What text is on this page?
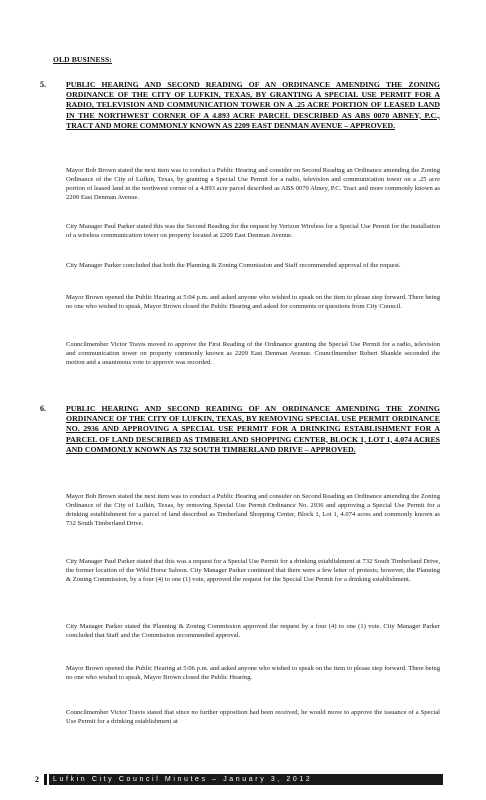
OLD BUSINESS:
5.	PUBLIC HEARING AND SECOND READING OF AN ORDINANCE AMENDING THE ZONING ORDINANCE OF THE CITY OF LUFKIN, TEXAS, BY GRANTING A SPECIAL USE PERMIT FOR A RADIO, TELEVISION AND COMMUNICATION TOWER ON A .25 ACRE PORTION OF LEASED LAND IN THE NORTHWEST CORNER OF A 4.893 ACRE PARCEL DESCRIBED AS ABS 0070 ABNEY, P.C., TRACT AND MORE COMMONLY KNOWN AS 2209 EAST DENMAN AVENUE – APPROVED.
Mayor Bob Brown stated the next item was to conduct a Public Hearing and consider on Second Reading an Ordinance amending the Zoning Ordinance of the City of Lufkin, Texas, by granting a Special Use Permit for a radio, television and communication tower on a .25 acre portion of leased land in the northwest corner of a 4.893 acre parcel described as ABS 0070 Abney, P.C. Tract and more commonly known as 2209 East Denman Avenue.
City Manager Paul Parker stated this was the Second Reading for the request by Verizon Wireless for a Special Use Permit for the installation of a wireless communication tower on property located at 2209 East Denman Avenue.
City Manager Parker concluded that both the Planning & Zoning Commission and Staff recommended approval of the request.
Mayor Brown opened the Public Hearing at 5:04 p.m. and asked anyone who wished to speak on the item to please step forward. There being no one who wished to speak, Mayor Brown closed the Public Hearing and asked for comments or questions from City Council.
Councilmember Victor Travis moved to approve the First Reading of the Ordinance granting the Special Use Permit for a radio, television and communication tower on property commonly known as 2209 East Denman Avenue. Councilmember Robert Shankle seconded the motion and a unanimous vote to approve was recorded.
6.	PUBLIC HEARING AND SECOND READING OF AN ORDINANCE AMENDING THE ZONING ORDINANCE OF THE CITY OF LUFKIN, TEXAS, BY REMOVING SPECIAL USE PERMIT ORDINANCE NO. 2936 AND APPROVING A SPECIAL USE PERMIT FOR A DRINKING ESTABLISHMENT FOR A PARCEL OF LAND DESCRIBED AS TIMBERLAND SHOPPING CENTER, BLOCK 1, LOT 1, 4.074 ACRES AND COMMONLY KNOWN AS 732 SOUTH TIMBERLAND DRIVE – APPROVED.
Mayor Bob Brown stated the next item was to conduct a Public Hearing and consider on Second Reading an Ordinance amending the Zoning Ordinance of the City of Lufkin, Texas, by removing Special Use Permit Ordinance No. 2936 and approving a Special Use Permit for a drinking establishment for a parcel of land described as Timberland Shopping Center, Block 1, Lot 1, 4.074 acres and commonly known as 732 South Timberland Drive.
City Manager Paul Parker stated that this was a request for a Special Use Permit for a drinking establishment at 732 South Timberland Drive, the former location of the Wild Horse Saloon. City Manager Parker continued that there were a few letter of protests; however, the Planning & Zoning Commission, by a four (4) to one (1) vote, approved the request for the Special Use Permit for a drinking establishment.
City Manager Parker stated the Planning & Zoning Commission approved the request by a four (4) to one (1) vote. City Manager Parker concluded that Staff and the Commission recommended approval.
Mayor Brown opened the Public Hearing at 5:06 p.m. and asked anyone who wished to speak on the item to please step forward. There being no one who wished to speak, Mayor Brown closed the Public Hearing.
Councilmember Victor Travis stated that since no further opposition had been received, he would move to approve the issuance of a Special Use Permit for a drinking establishment at
2	Lufkin City Council Minutes – January 3, 2012
